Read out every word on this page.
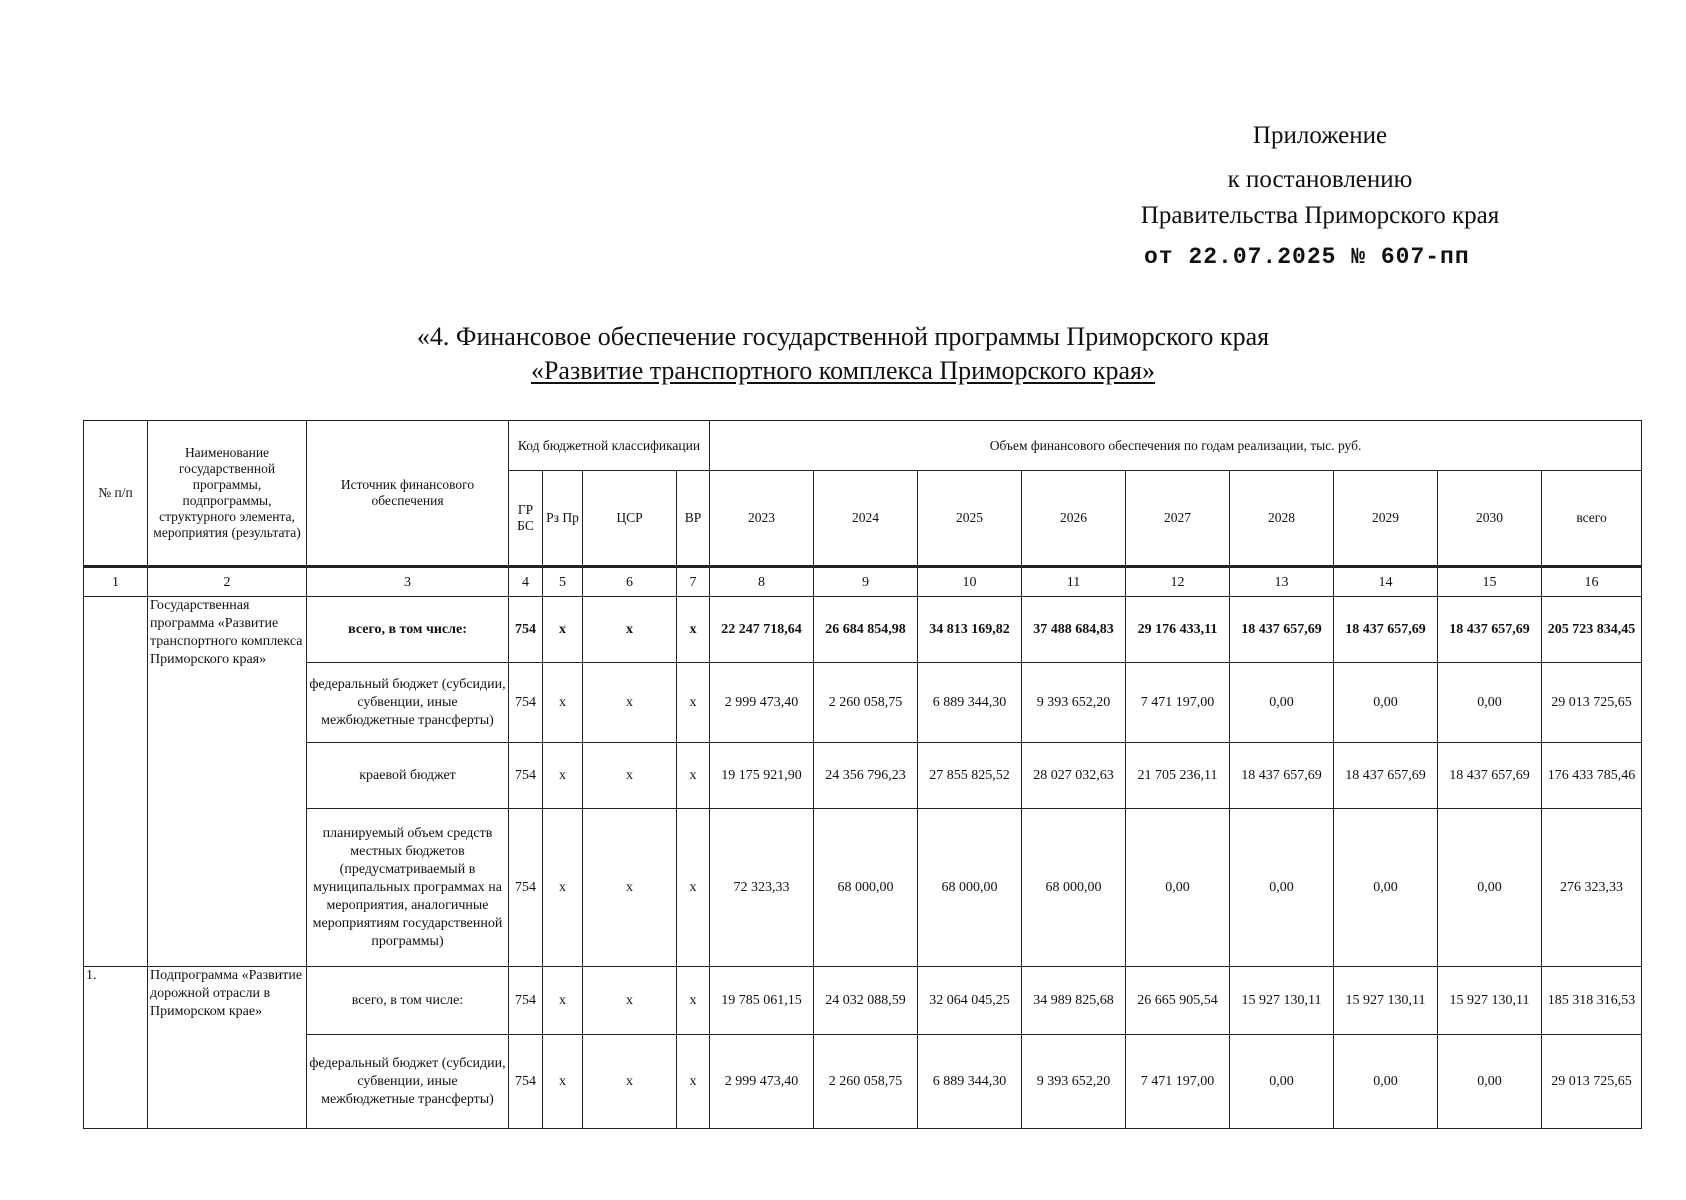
Приложение
к постановлению
Правительства Приморского края
от 22.07.2025 № 607-пп
«4. Финансовое обеспечение государственной программы Приморского края
«Развитие транспортного комплекса Приморского края»
№ п/п	Наименование государственной программы, подпрограммы, структурного элемента, мероприятия (результата)	Источник финансового обеспечения	Код бюджетной классификации				Объем финансового обеспечения по годам реализации, тыс. руб.								
			ГР БС	Рз Пр	ЦСР	ВР	2023	2024	2025	2026	2027	2028	2029	2030	всего
1	2	3	4	5	6	7	8	9	10	11	12	13	14	15	16
	Государственная программа «Развитие транспортного комплекса Приморского края»	всего, в том числе:	754	х	х	х	22 247 718,64	26 684 854,98	34 813 169,82	37 488 684,83	29 176 433,11	18 437 657,69	18 437 657,69	18 437 657,69	205 723 834,45
		федеральный бюджет (субсидии, субвенции, иные межбюджетные трансферты)	754	х	х	х	2 999 473,40	2 260 058,75	6 889 344,30	9 393 652,20	7 471 197,00	0,00	0,00	0,00	29 013 725,65
		краевой бюджет	754	х	х	х	19 175 921,90	24 356 796,23	27 855 825,52	28 027 032,63	21 705 236,11	18 437 657,69	18 437 657,69	18 437 657,69	176 433 785,46
		планируемый объем средств местных бюджетов (предусматриваемый в муниципальных программах на мероприятия, аналогичные мероприятиям государственной программы)	754	х	х	х	72 323,33	68 000,00	68 000,00	68 000,00	0,00	0,00	0,00	0,00	276 323,33
1.	Подпрограмма «Развитие дорожной отрасли в Приморском крае»	всего, в том числе:	754	х	х	х	19 785 061,15	24 032 088,59	32 064 045,25	34 989 825,68	26 665 905,54	15 927 130,11	15 927 130,11	15 927 130,11	185 318 316,53
		федеральный бюджет (субсидии, субвенции, иные межбюджетные трансферты)	754	х	х	х	2 999 473,40	2 260 058,75	6 889 344,30	9 393 652,20	7 471 197,00	0,00	0,00	0,00	29 013 725,65
